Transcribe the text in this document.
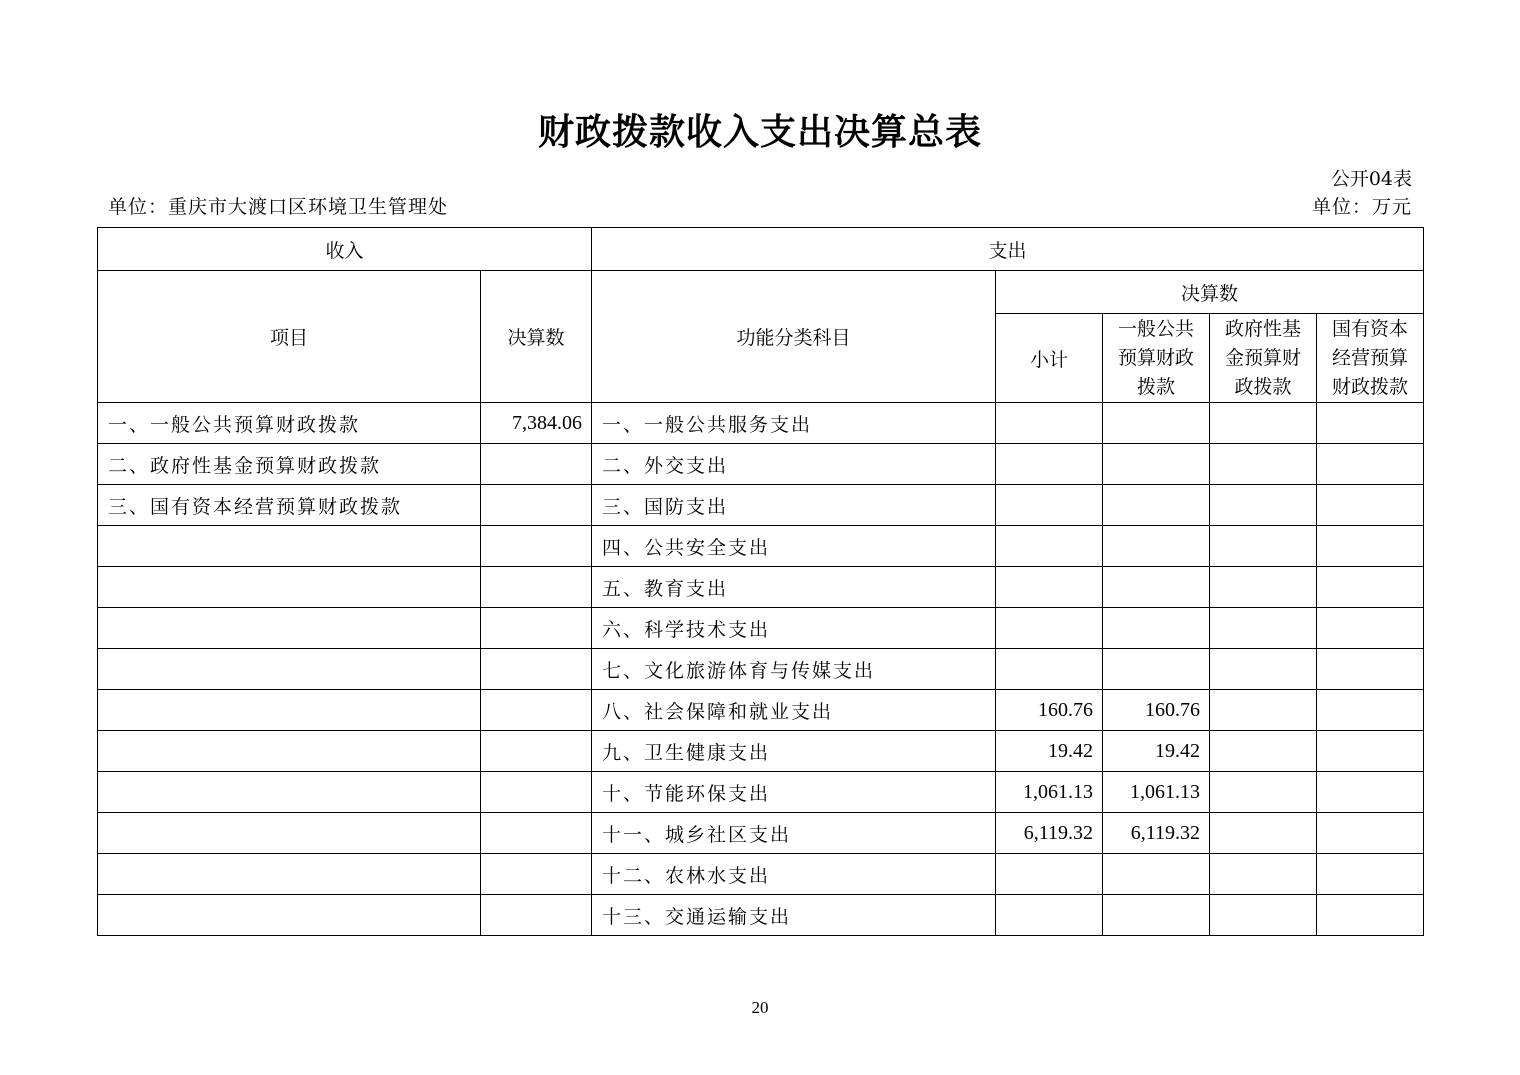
财政拨款收入支出决算总表
公开04表
单位：重庆市大渡口区环境卫生管理处	单位：万元
收入		支出				
项目	决算数	功能分类科目	决算数			
			小计	一般公共预算财政拨款	政府性基金预算财政拨款	国有资本经营预算财政拨款

一、一般公共预算财政拨款	7,384.06	一、一般公共服务支出				
二、政府性基金预算财政拨款		二、外交支出				
三、国有资本经营预算财政拨款		三、国防支出				
		四、公共安全支出				
		五、教育支出				
		六、科学技术支出				
		七、文化旅游体育与传媒支出				
		八、社会保障和就业支出	160.76	160.76		
		九、卫生健康支出	19.42	19.42		
		十、节能环保支出	1,061.13	1,061.13		
		十一、城乡社区支出	6,119.32	6,119.32		
		十二、农林水支出				
		十三、交通运输支出				
20
